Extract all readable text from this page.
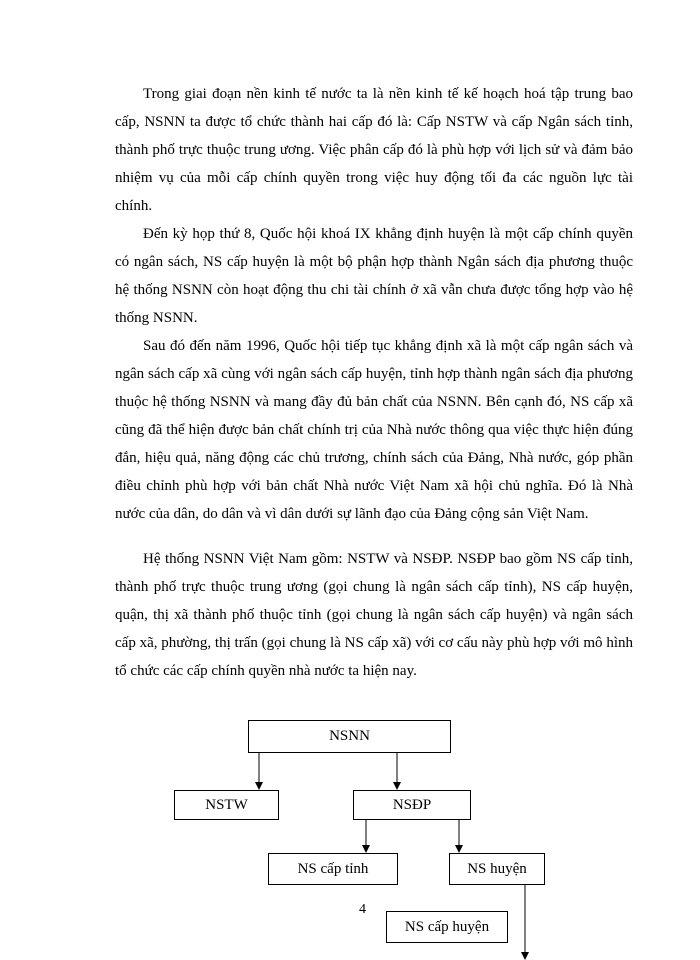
Trong giai đoạn nền kinh tế nước ta là nền kinh tế kế hoạch hoá tập trung bao cấp, NSNN ta được tổ chức thành hai cấp đó là: Cấp NSTW và cấp Ngân sách tỉnh, thành phố trực thuộc trung ương. Việc phân cấp đó là phù hợp với lịch sử và đảm bảo nhiệm vụ của mỗi cấp chính quyền trong việc huy động tối đa các nguồn lực tài chính.

Đến kỳ họp thứ 8, Quốc hội khoá IX khẳng định huyện là một cấp chính quyền có ngân sách, NS cấp huyện là một bộ phận hợp thành Ngân sách địa phương thuộc hệ thống NSNN còn hoạt động thu chi tài chính ở xã vẫn chưa được tổng hợp vào hệ thống NSNN.

Sau đó đến năm 1996, Quốc hội tiếp tục khẳng định xã là một cấp ngân sách và ngân sách cấp xã cùng với ngân sách cấp huyện, tỉnh hợp thành ngân sách địa phương thuộc hệ thống NSNN và mang đầy đủ bản chất của NSNN. Bên cạnh đó, NS cấp xã cũng đã thể hiện được bản chất chính trị của Nhà nước thông qua việc thực hiện đúng đắn, hiệu quả, năng động các chủ trương, chính sách của Đảng, Nhà nước, góp phần điều chỉnh phù hợp với bản chất Nhà nước Việt Nam xã hội chủ nghĩa. Đó là Nhà nước của dân, do dân và vì dân dưới sự lãnh đạo của Đảng cộng sản Việt Nam.

Hệ thống NSNN Việt Nam gồm: NSTW và NSĐP. NSĐP bao gồm NS cấp tỉnh, thành phố trực thuộc trung ương (gọi chung là ngân sách cấp tỉnh), NS cấp huyện, quận, thị xã thành phố thuộc tỉnh (gọi chung là ngân sách cấp huyện) và ngân sách cấp xã, phường, thị trấn (gọi chung là NS cấp xã) với cơ cấu này phù hợp với mô hình tổ chức các cấp chính quyền nhà nước ta hiện nay.

NSNN
NSTW	NSĐP
NS cấp tỉnh	NS huyện
4
NS cấp huyện
